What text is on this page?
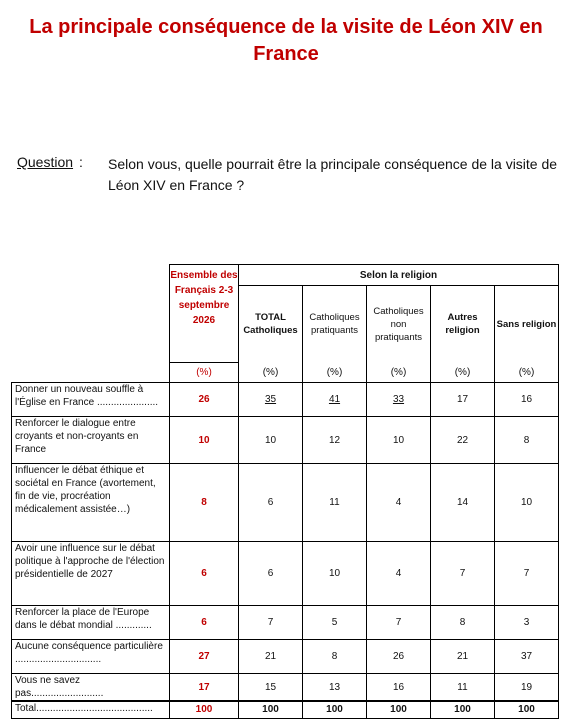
La principale conséquence de la visite de Léon XIV en France
Question : Selon vous, quelle pourrait être la principale conséquence de la visite de Léon XIV en France ?
	Ensemble des Français 2-3 septembre 2026	Selon la religion				
		TOTAL Catholiques	Catholiques pratiquants	Catholiques non pratiquants	Autres religion	Sans religion
	(%)	(%)	(%)	(%)	(%)	(%)
Donner un nouveau souffle à l'Église en France ......................	26	35	41	33	17	16
Renforcer le dialogue entre croyants et non-croyants en France	10	10	12	10	22	8
Influencer le débat éthique et sociétal en France (avortement, fin de vie, procréation médicalement assistée…)	8	6	11	4	14	10
Avoir une influence sur le débat politique à l'approche de l'élection présidentielle de 2027	6	6	10	4	7	7
Renforcer la place de l'Europe dans le débat mondial .............	6	7	5	7	8	3
Aucune conséquence particulière ...............................	27	21	8	26	21	37
Vous ne savez pas..........................	17	15	13	16	11	19
Total..........................................	100	100	100	100	100	100
